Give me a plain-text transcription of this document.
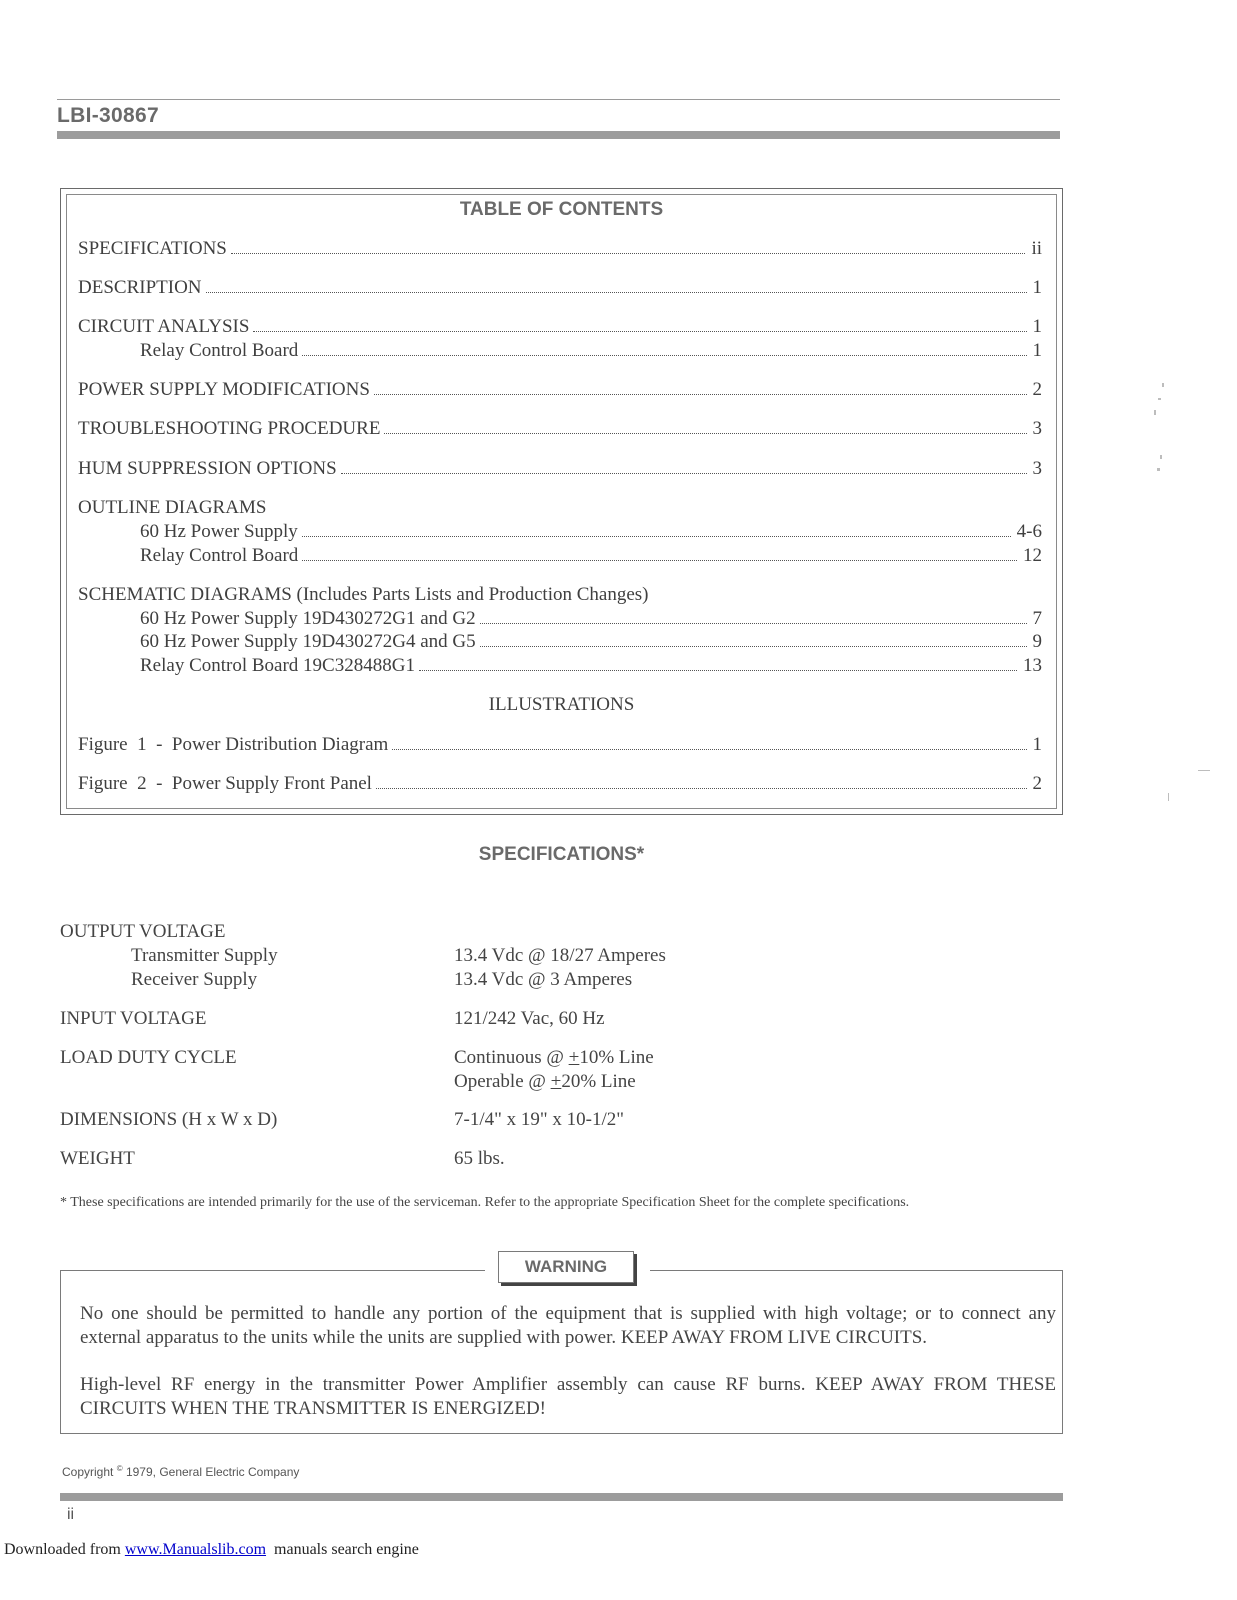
LBI-30867
TABLE OF CONTENTS
SPECIFICATIONS	ii
DESCRIPTION	1
CIRCUIT ANALYSIS	1
Relay Control Board	1
POWER SUPPLY MODIFICATIONS	2
TROUBLESHOOTING PROCEDURE	3
HUM SUPPRESSION OPTIONS	3
OUTLINE DIAGRAMS
60 Hz Power Supply	4-6
Relay Control Board	12
SCHEMATIC DIAGRAMS (Includes Parts Lists and Production Changes)
60 Hz Power Supply 19D430272G1 and G2	7
60 Hz Power Supply 19D430272G4 and G5	9
Relay Control Board 19C328488G1	13
ILLUSTRATIONS
Figure  1  -  Power Distribution Diagram	1
Figure  2  -  Power Supply Front Panel	2
SPECIFICATIONS*
OUTPUT VOLTAGE
Transmitter Supply	13.4 Vdc @ 18/27 Amperes
Receiver Supply	13.4 Vdc @ 3 Amperes
INPUT VOLTAGE	121/242 Vac, 60 Hz
LOAD DUTY CYCLE	Continuous @ +10% Line
Operable @ +20% Line
DIMENSIONS (H x W x D)	7-1/4" x 19" x 10-1/2"
WEIGHT	65 lbs.
* These specifications are intended primarily for the use of the serviceman. Refer to the appropriate Specification Sheet for the complete specifications.
WARNING
No one should be permitted to handle any portion of the equipment that is supplied with high voltage; or to connect any external apparatus to the units while the units are supplied with power. KEEP AWAY FROM LIVE CIRCUITS.
High-level RF energy in the transmitter Power Amplifier assembly can cause RF burns. KEEP AWAY FROM THESE CIRCUITS WHEN THE TRANSMITTER IS ENERGIZED!
Copyright © 1979, General Electric Company
ii
Downloaded from www.Manualslib.com  manuals search engine
